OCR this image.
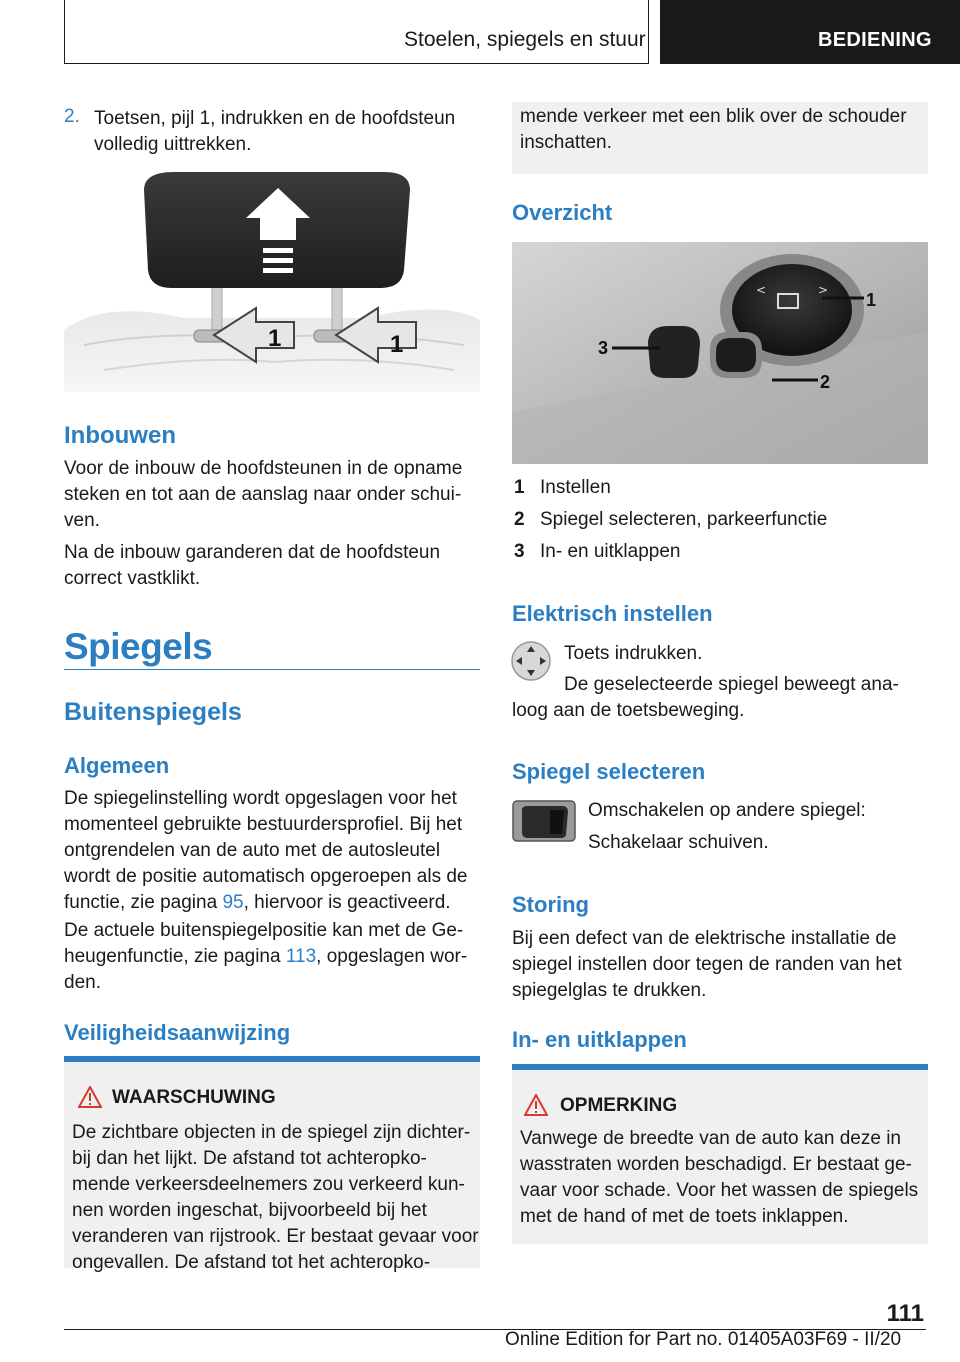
Stoelen, spiegels en stuur	BEDIENING
2. Toetsen, pijl 1, indrukken en de hoofdsteun
volledig uittrekken.
1	1
Inbouwen
Voor de inbouw de hoofdsteunen in de opname
steken en tot aan de aanslag naar onder schui-
ven.
Na de inbouw garanderen dat de hoofdsteun
correct vastklikt.
Spiegels
Buitenspiegels
Algemeen
De spiegelinstelling wordt opgeslagen voor het
momenteel gebruikte bestuurdersprofiel. Bij het
ontgrendelen van de auto met de autosleutel
wordt de positie automatisch opgeroepen als de
functie, zie pagina 95, hiervoor is geactiveerd.
De actuele buitenspiegelpositie kan met de Ge-
heugenfunctie, zie pagina 113, opgeslagen wor-
den.
Veiligheidsaanwijzing
WAARSCHUWING
De zichtbare objecten in de spiegel zijn dichter-
bij dan het lijkt. De afstand tot achteropko-
mende verkeersdeelnemers zou verkeerd kun-
nen worden ingeschat, bijvoorbeeld bij het
veranderen van rijstrook. Er bestaat gevaar voor
ongevallen. De afstand tot het achteropko-
mende verkeer met een blik over de schouder
inschatten.
Overzicht
<	> 1
2
3
1 Instellen
2 Spiegel selecteren, parkeerfunctie
3 In- en uitklappen
Elektrisch instellen
Toets indrukken.
De geselecteerde spiegel beweegt ana-
loog aan de toetsbeweging.
Spiegel selecteren
Omschakelen op andere spiegel:
Schakelaar schuiven.
Storing
Bij een defect van de elektrische installatie de
spiegel instellen door tegen de randen van het
spiegelglas te drukken.
In- en uitklappen
OPMERKING
Vanwege de breedte van de auto kan deze in
wasstraten worden beschadigd. Er bestaat ge-
vaar voor schade. Voor het wassen de spiegels
met de hand of met de toets inklappen.
111
Online Edition for Part no. 01405A03F69 - II/20
